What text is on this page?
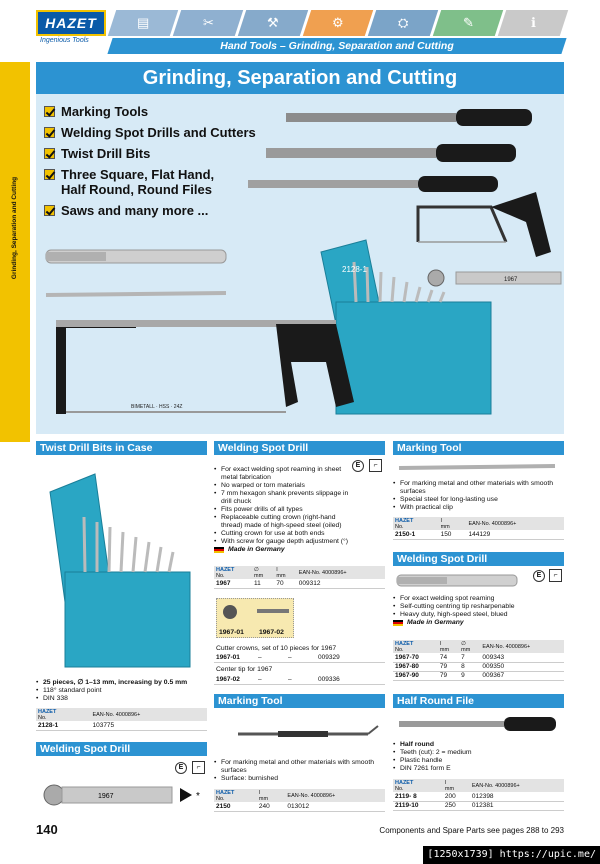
HAZET
Ingenious Tools
▤	✂	⚒	⚙	⛭	✎	ℹ
Hand Tools – Grinding, Separation and Cutting
Grinding, Separation and Cutting
Grinding, Separation and Cutting
Marking Tools
Welding Spot Drills and Cutters
Twist Drill Bits
Three Square, Flat Hand, Half Round, Round Files
Saws and many more ...
2128-1
1967
BIMETALL · HSS · 24Z
Twist Drill Bits in Case
• 25 pieces, ∅ 1–13 mm, increasing by 0.5 mm
• 118° standard point
• DIN 338
HAZET
No.	EAN-No. 4000896+
2128-1	103775
Welding Spot Drill
E	⌐
1967	*
Welding Spot Drill
E	⌐
• For exact welding spot reaming in sheet metal fabrication
• No warped or torn materials
• 7 mm hexagon shank prevents slippage in drill chuck
• Fits power drills of all types
• Replaceable cutting crown (right-hand thread) made of high-speed steel (oiled)
• Cutting crown for use at both ends
• With screw for gauge depth adjustment (°)
Made in Germany
HAZET
No.	∅
mm	l
mm	EAN-No. 4000896+
1967	11	70	009312
1967-01 1967-02
Cutter crowns, set of 10 pieces for 1967
1967-01	–	–	009329
Center tip for 1967
1967-02	–	–	009336
Marking Tool
• For marking metal and other materials with smooth surfaces
• Surface: burnished
HAZET
No.	l
mm	EAN-No. 4000896+
2150	240	013012
Marking Tool
• For marking metal and other materials with smooth surfaces
• Special steel for long-lasting use
• With practical clip
HAZET
No.	l
mm	EAN-No. 4000896+
2150-1	150	144129
Welding Spot Drill
E	⌐
• For exact welding spot reaming
• Self-cutting centring tip resharpenable
• Heavy duty, high-speed steel, blued
Made in Germany
HAZET
No.	l
mm	∅
mm	EAN-No. 4000896+
1967-70	74	7	009343
1967-80	79	8	009350
1967-90	79	9	009367
Half Round File
• Half round
• Teeth (cut): 2 = medium
• Plastic handle
• DIN 7261 form E
HAZET
No.	l
mm	EAN-No. 4000896+
2119- 8	200	012398
2119-10	250	012381
140	Components and Spare Parts see pages 288 to 293
[1250x1739] https://upic.me/
